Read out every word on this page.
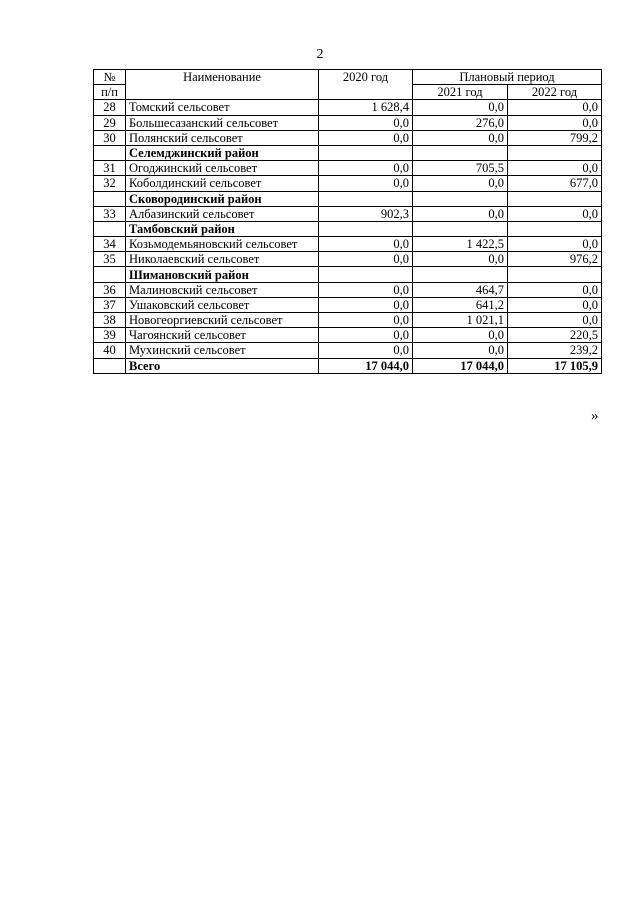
2
№	Наименование	2020 год	Плановый период	
п/п			2021 год	2022 год
28	Томский сельсовет	1 628,4	0,0	0,0
29	Большесазанский сельсовет	0,0	276,0	0,0
30	Полянский сельсовет	0,0	0,0	799,2
	Селемджинский район			
31	Огоджинский сельсовет	0,0	705,5	0,0
32	Коболдинский сельсовет	0,0	0,0	677,0
	Сковородинский район			
33	Албазинский сельсовет	902,3	0,0	0,0
	Тамбовский район			
34	Козьмодемьяновский сельсовет	0,0	1 422,5	0,0
35	Николаевский сельсовет	0,0	0,0	976,2
	Шимановский район			
36	Малиновский сельсовет	0,0	464,7	0,0
37	Ушаковский сельсовет	0,0	641,2	0,0
38	Новогеоргиевский сельсовет	0,0	1 021,1	0,0
39	Чагоянский сельсовет	0,0	0,0	220,5
40	Мухинский сельсовет	0,0	0,0	239,2
	Всего	17 044,0	17 044,0	17 105,9
»
